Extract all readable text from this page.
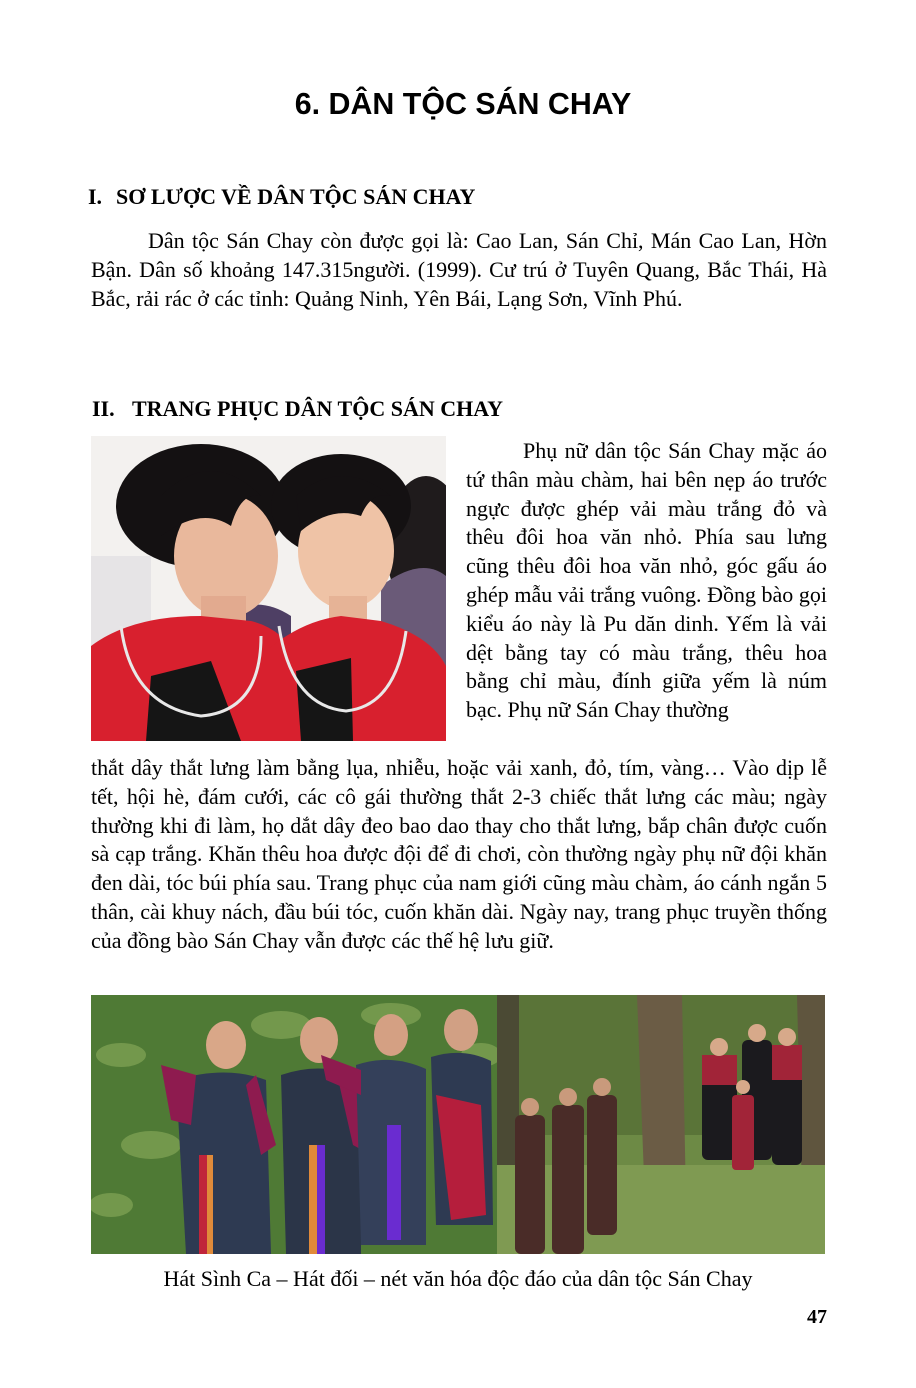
6. DÂN TỘC SÁN CHAY
I. SƠ LƯỢC VỀ DÂN TỘC SÁN CHAY
Dân tộc Sán Chay còn được gọi là: Cao Lan, Sán Chỉ, Mán Cao Lan, Hờn Bận. Dân số khoảng 147.315người. (1999). Cư trú ở Tuyên Quang, Bắc Thái, Hà Bắc, rải rác ở các tỉnh: Quảng Ninh, Yên Bái, Lạng Sơn, Vĩnh Phú.
II. TRANG PHỤC DÂN TỘC SÁN CHAY
Phụ nữ dân tộc Sán Chay mặc áo tứ thân màu chàm, hai bên nẹp áo trước ngực được ghép vải màu trắng đỏ và thêu đôi hoa văn nhỏ. Phía sau lưng cũng thêu đôi hoa văn nhỏ, góc gấu áo ghép mẫu vải trắng vuông. Đồng bào gọi kiểu áo này là Pu dăn dinh. Yếm là vải dệt bằng tay có màu trắng, thêu hoa bằng chỉ màu, đính giữa yếm là núm bạc. Phụ nữ Sán Chay thường
thắt dây thắt lưng làm bằng lụa, nhiễu, hoặc vải xanh, đỏ, tím, vàng… Vào dịp lễ tết, hội hè, đám cưới, các cô gái thường thắt 2-3 chiếc thắt lưng các màu; ngày thường khi đi làm, họ dắt dây đeo bao dao thay cho thắt lưng, bắp chân được cuốn sà cạp trắng. Khăn thêu hoa được đội để đi chơi, còn thường ngày phụ nữ đội khăn đen dài, tóc búi phía sau. Trang phục của nam giới cũng màu chàm, áo cánh ngắn 5 thân, cài khuy nách, đầu búi tóc, cuốn khăn dài. Ngày nay, trang phục truyền thống của đồng bào Sán Chay vẫn được các thế hệ lưu giữ.
Hát Sình Ca – Hát đối – nét văn hóa độc đáo của dân tộc Sán Chay
47
